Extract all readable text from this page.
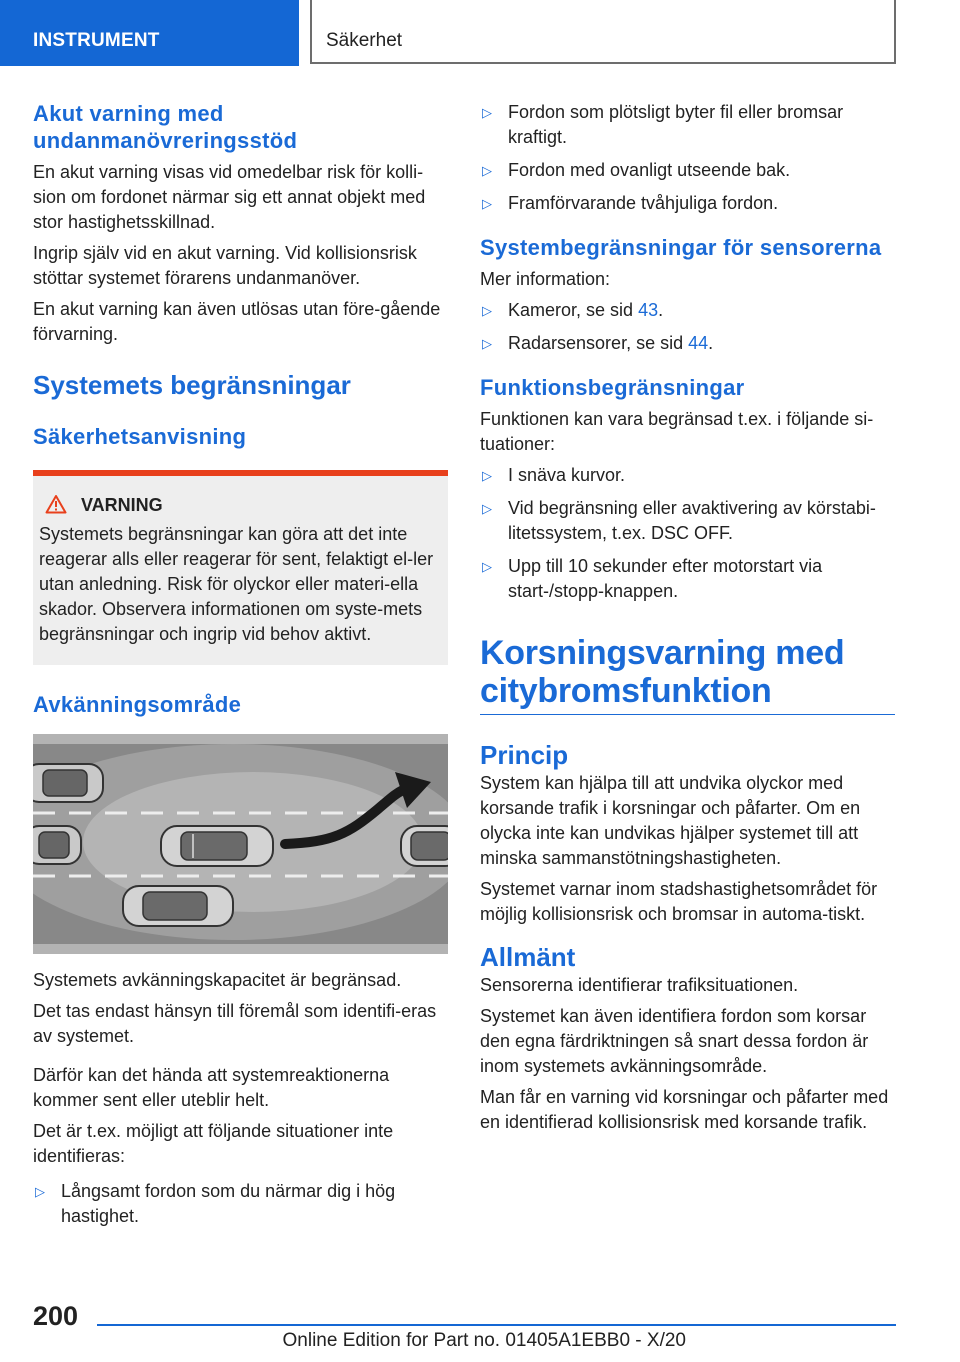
INSTRUMENT	Säkerhet
Akut varning med undanmanövreringsstöd

En akut varning visas vid omedelbar risk för kolli-sion om fordonet närmar sig ett annat objekt med stor hastighetsskillnad.

Ingrip själv vid en akut varning. Vid kollisionsrisk stöttar systemet förarens undanmanöver.

En akut varning kan även utlösas utan före-gående förvarning.

Systemets begränsningar
Säkerhetsanvisning
VARNING

Systemets begränsningar kan göra att det inte reagerar alls eller reagerar för sent, felaktigt el-ler utan anledning. Risk för olyckor eller materi-ella skador. Observera informationen om syste-mets begränsningar och ingrip vid behov aktivt.

Avkänningsområde

Systemets avkänningskapacitet är begränsad.

Det tas endast hänsyn till föremål som identifi-eras av systemet.

Därför kan det hända att systemreaktionerna kommer sent eller uteblir helt.

Det är t.ex. möjligt att följande situationer inte identifieras:

▷ Långsamt fordon som du närmar dig i hög hastighet.
▷ Fordon som plötsligt byter fil eller bromsar kraftigt.
▷ Fordon med ovanligt utseende bak.
▷ Framförvarande tvåhjuliga fordon.
Systembegränsningar för sensorerna

Mer information:

▷ Kameror, se sid 43.
▷ Radarsensorer, se sid 44.
Funktionsbegränsningar

Funktionen kan vara begränsad t.ex. i följande si-tuationer:

▷ I snäva kurvor.
▷ Vid begränsning eller avaktivering av körstabi-litetssystem, t.ex. DSC OFF.
▷ Upp till 10 sekunder efter motorstart via start-/stopp-knappen.
Korsningsvarning med citybromsfunktion
Princip

System kan hjälpa till att undvika olyckor med korsande trafik i korsningar och påfarter. Om en olycka inte kan undvikas hjälper systemet till att minska sammanstötningshastigheten.

Systemet varnar inom stadshastighetsområdet för möjlig kollisionsrisk och bromsar in automa-tiskt.

Allmänt

Sensorerna identifierar trafiksituationen.

Systemet kan även identifiera fordon som korsar den egna färdriktningen så snart dessa fordon är inom systemets avkänningsområde.

Man får en varning vid korsningar och påfarter med en identifierad kollisionsrisk med korsande trafik.

200
Online Edition for Part no. 01405A1EBB0 - X/20
